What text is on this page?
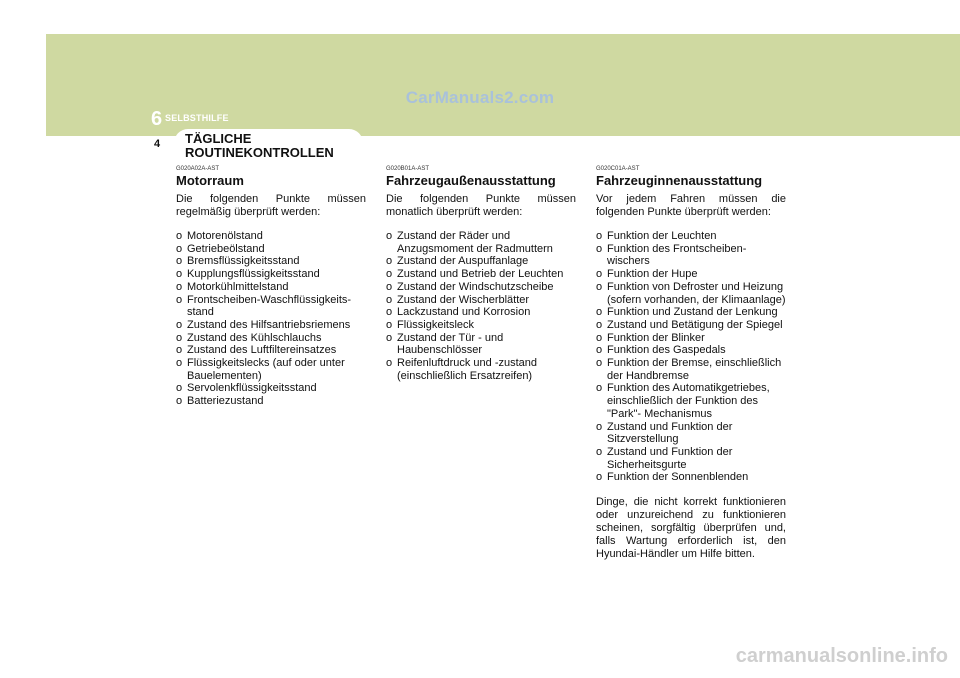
CarManuals2.com
6 SELBSTHILFE
4 TÄGLICHE
ROUTINEKONTROLLEN
G020A02A-AST
Motorraum

Die folgenden Punkte müssen regelmäßig überprüft werden:

o Motorenölstand
o Getriebeölstand
o Bremsflüssigkeitsstand
o Kupplungsflüssigkeitsstand
o Motorkühlmittelstand
o Frontscheiben-Waschflüssigkeits-stand
o Zustand des Hilfsantriebsriemens
o Zustand des Kühlschlauchs
o Zustand des Luftfiltereinsatzes
o Flüssigkeitslecks (auf oder unter Bauelementen)
o Servolenkflüssigkeitsstand
o Batteriezustand
G020B01A-AST
Fahrzeugaußenausstattung

Die folgenden Punkte müssen monatlich überprüft werden:

o Zustand der Räder und Anzugsmoment der Radmuttern
o Zustand der Auspuffanlage
o Zustand und Betrieb der Leuchten
o Zustand der Windschutzscheibe
o Zustand der Wischerblätter
o Lackzustand und Korrosion
o Flüssigkeitsleck
o Zustand der Tür - und Haubenschlösser
o Reifenluftdruck und -zustand (einschließlich Ersatzreifen)
G020C01A-AST
Fahrzeuginnenausstattung

Vor jedem Fahren müssen die folgenden Punkte überprüft werden:

o Funktion der Leuchten
o Funktion des Frontscheiben-wischers
o Funktion der Hupe
o Funktion von Defroster und Heizung (sofern vorhanden, der Klimaanlage)
o Funktion und Zustand der Lenkung
o Zustand und Betätigung der Spiegel
o Funktion der Blinker
o Funktion des Gaspedals
o Funktion der Bremse, einschließlich der Handbremse
o Funktion des Automatikgetriebes, einschließlich der Funktion des "Park"- Mechanismus
o Zustand und Funktion der Sitzverstellung
o Zustand und Funktion der Sicherheitsgurte
o Funktion der Sonnenblenden

Dinge, die nicht korrekt funktionieren oder unzureichend zu funktionieren scheinen, sorgfältig überprüfen und, falls Wartung erforderlich ist, den Hyundai-Händler um Hilfe bitten.

carmanualsonline.info
